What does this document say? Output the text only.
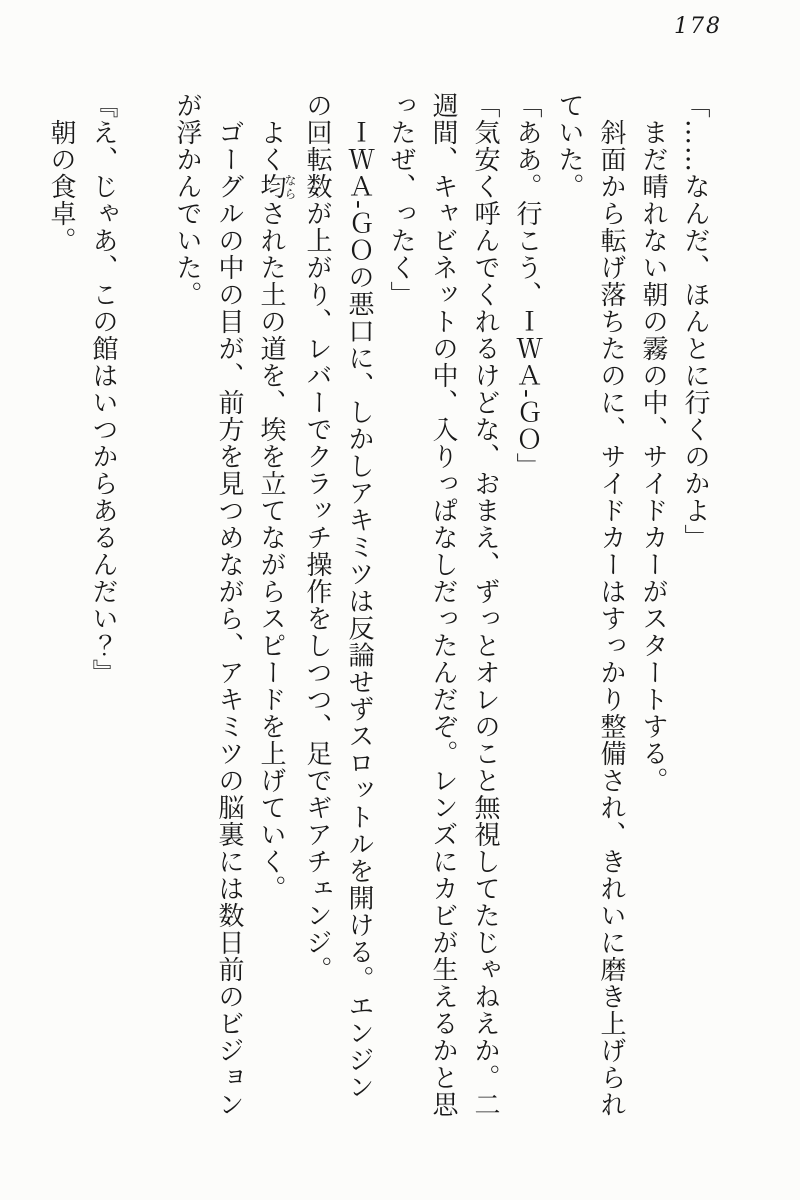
178
「……なんだ、ほんとに行くのかよ」
まだ晴れない朝の霧の中、サイドカーがスタートする。
斜面から転げ落ちたのに、サイドカーはすっかり整備され、きれいに磨き上げられ
ていた。
「ああ。行こう、ＩＷＡ‐ＧＯ」
「気安く呼んでくれるけどな、おまえ、ずっとオレのこと無視してたじゃねえか。二
週間、キャビネットの中、入りっぱなしだったんだぞ。レンズにカビが生えるかと思
ったぜ、ったく」
ＩＷＡ‐ＧＯの悪口に、しかしアキミツは反論せずスロットルを開ける。エンジン
の回転数が上がり、レバーでクラッチ操作をしつつ、足でギアチェンジ。
よく均ならされた土の道を、埃を立てながらスピードを上げていく。
ゴーグルの中の目が、前方を見つめながら、アキミツの脳裏には数日前のビジョン
が浮かんでいた。
『え、じゃあ、この館はいつからあるんだい？』
朝の食卓。
